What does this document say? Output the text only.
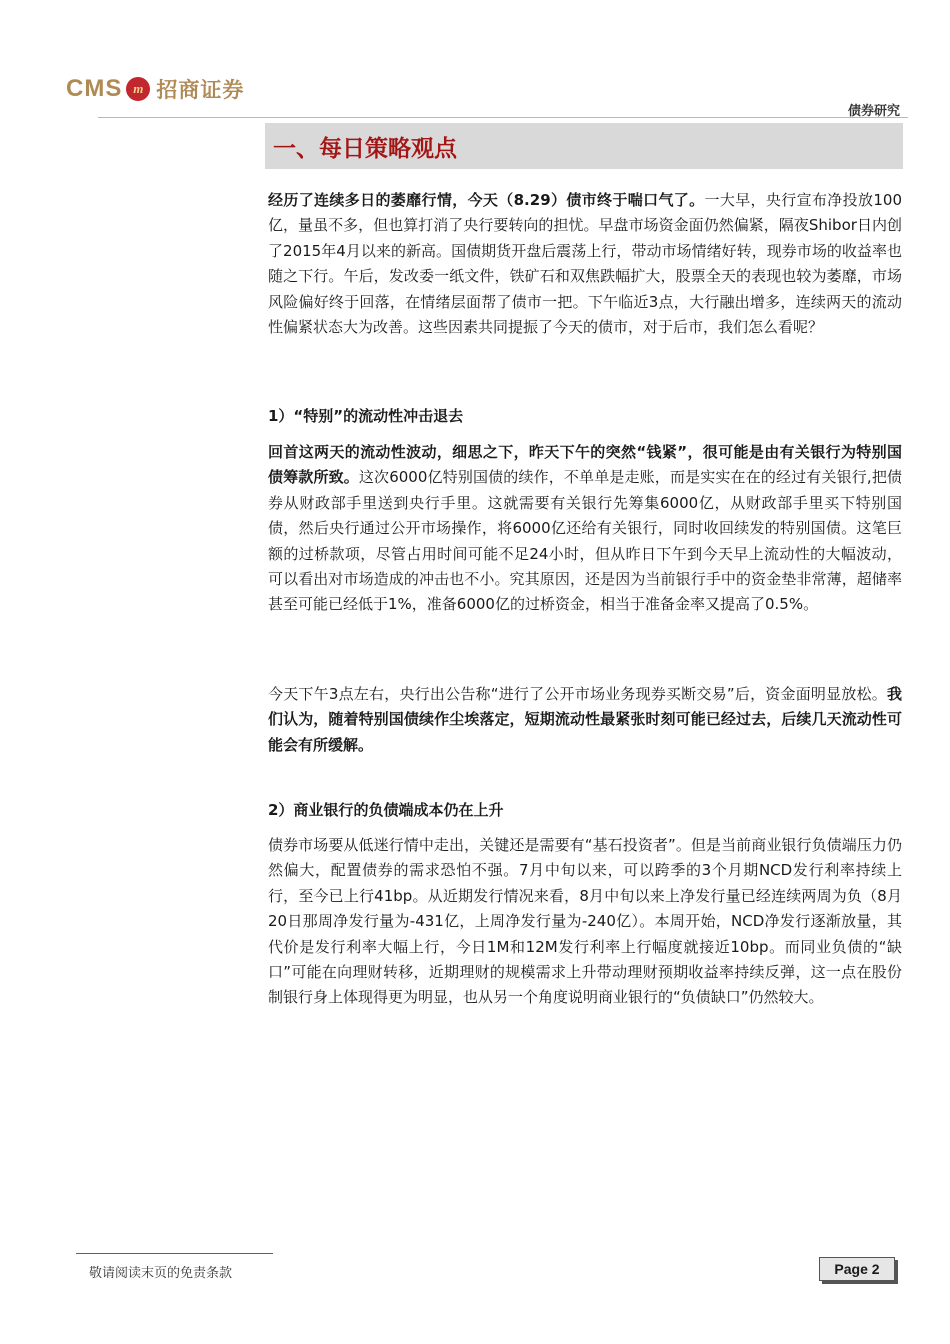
CMS m 招商证券
债券研究
一、每日策略观点

经历了连续多日的萎靡行情，今天（8.29）债市终于喘口气了。一大早，央行宣布净投放100亿，量虽不多，但也算打消了央行要转向的担忧。早盘市场资金面仍然偏紧，隔夜Shibor日内创了2015年4月以来的新高。国债期货开盘后震荡上行，带动市场情绪好转，现券市场的收益率也随之下行。午后，发改委一纸文件，铁矿石和双焦跌幅扩大，股票全天的表现也较为萎靡，市场风险偏好终于回落，在情绪层面帮了债市一把。下午临近3点，大行融出增多，连续两天的流动性偏紧状态大为改善。这些因素共同提振了今天的债市，对于后市，我们怎么看呢？

1）“特别”的流动性冲击退去

回首这两天的流动性波动，细思之下，昨天下午的突然“钱紧”，很可能是由有关银行为特别国债筹款所致。这次6000亿特别国债的续作，不单单是走账，而是实实在在的经过有关银行,把债券从财政部手里送到央行手里。这就需要有关银行先筹集6000亿，从财政部手里买下特别国债，然后央行通过公开市场操作，将6000亿还给有关银行，同时收回续发的特别国债。这笔巨额的过桥款项，尽管占用时间可能不足24小时，但从昨日下午到今天早上流动性的大幅波动，可以看出对市场造成的冲击也不小。究其原因，还是因为当前银行手中的资金垫非常薄，超储率甚至可能已经低于1%，准备6000亿的过桥资金，相当于准备金率又提高了0.5%。

今天下午3点左右，央行出公告称“进行了公开市场业务现券买断交易”后，资金面明显放松。我们认为，随着特别国债续作尘埃落定，短期流动性最紧张时刻可能已经过去，后续几天流动性可能会有所缓解。

2）商业银行的负债端成本仍在上升

债券市场要从低迷行情中走出，关键还是需要有“基石投资者”。但是当前商业银行负债端压力仍然偏大，配置债券的需求恐怕不强。7月中旬以来，可以跨季的3个月期NCD发行利率持续上行，至今已上行41bp。从近期发行情况来看，8月中旬以来上净发行量已经连续两周为负（8月20日那周净发行量为-431亿，上周净发行量为-240亿）。本周开始，NCD净发行逐渐放量，其代价是发行利率大幅上行，今日1M和12M发行利率上行幅度就接近10bp。而同业负债的“缺口”可能在向理财转移，近期理财的规模需求上升带动理财预期收益率持续反弹，这一点在股份制银行身上体现得更为明显，也从另一个角度说明商业银行的“负债缺口”仍然较大。

敬请阅读末页的免责条款	Page 2
